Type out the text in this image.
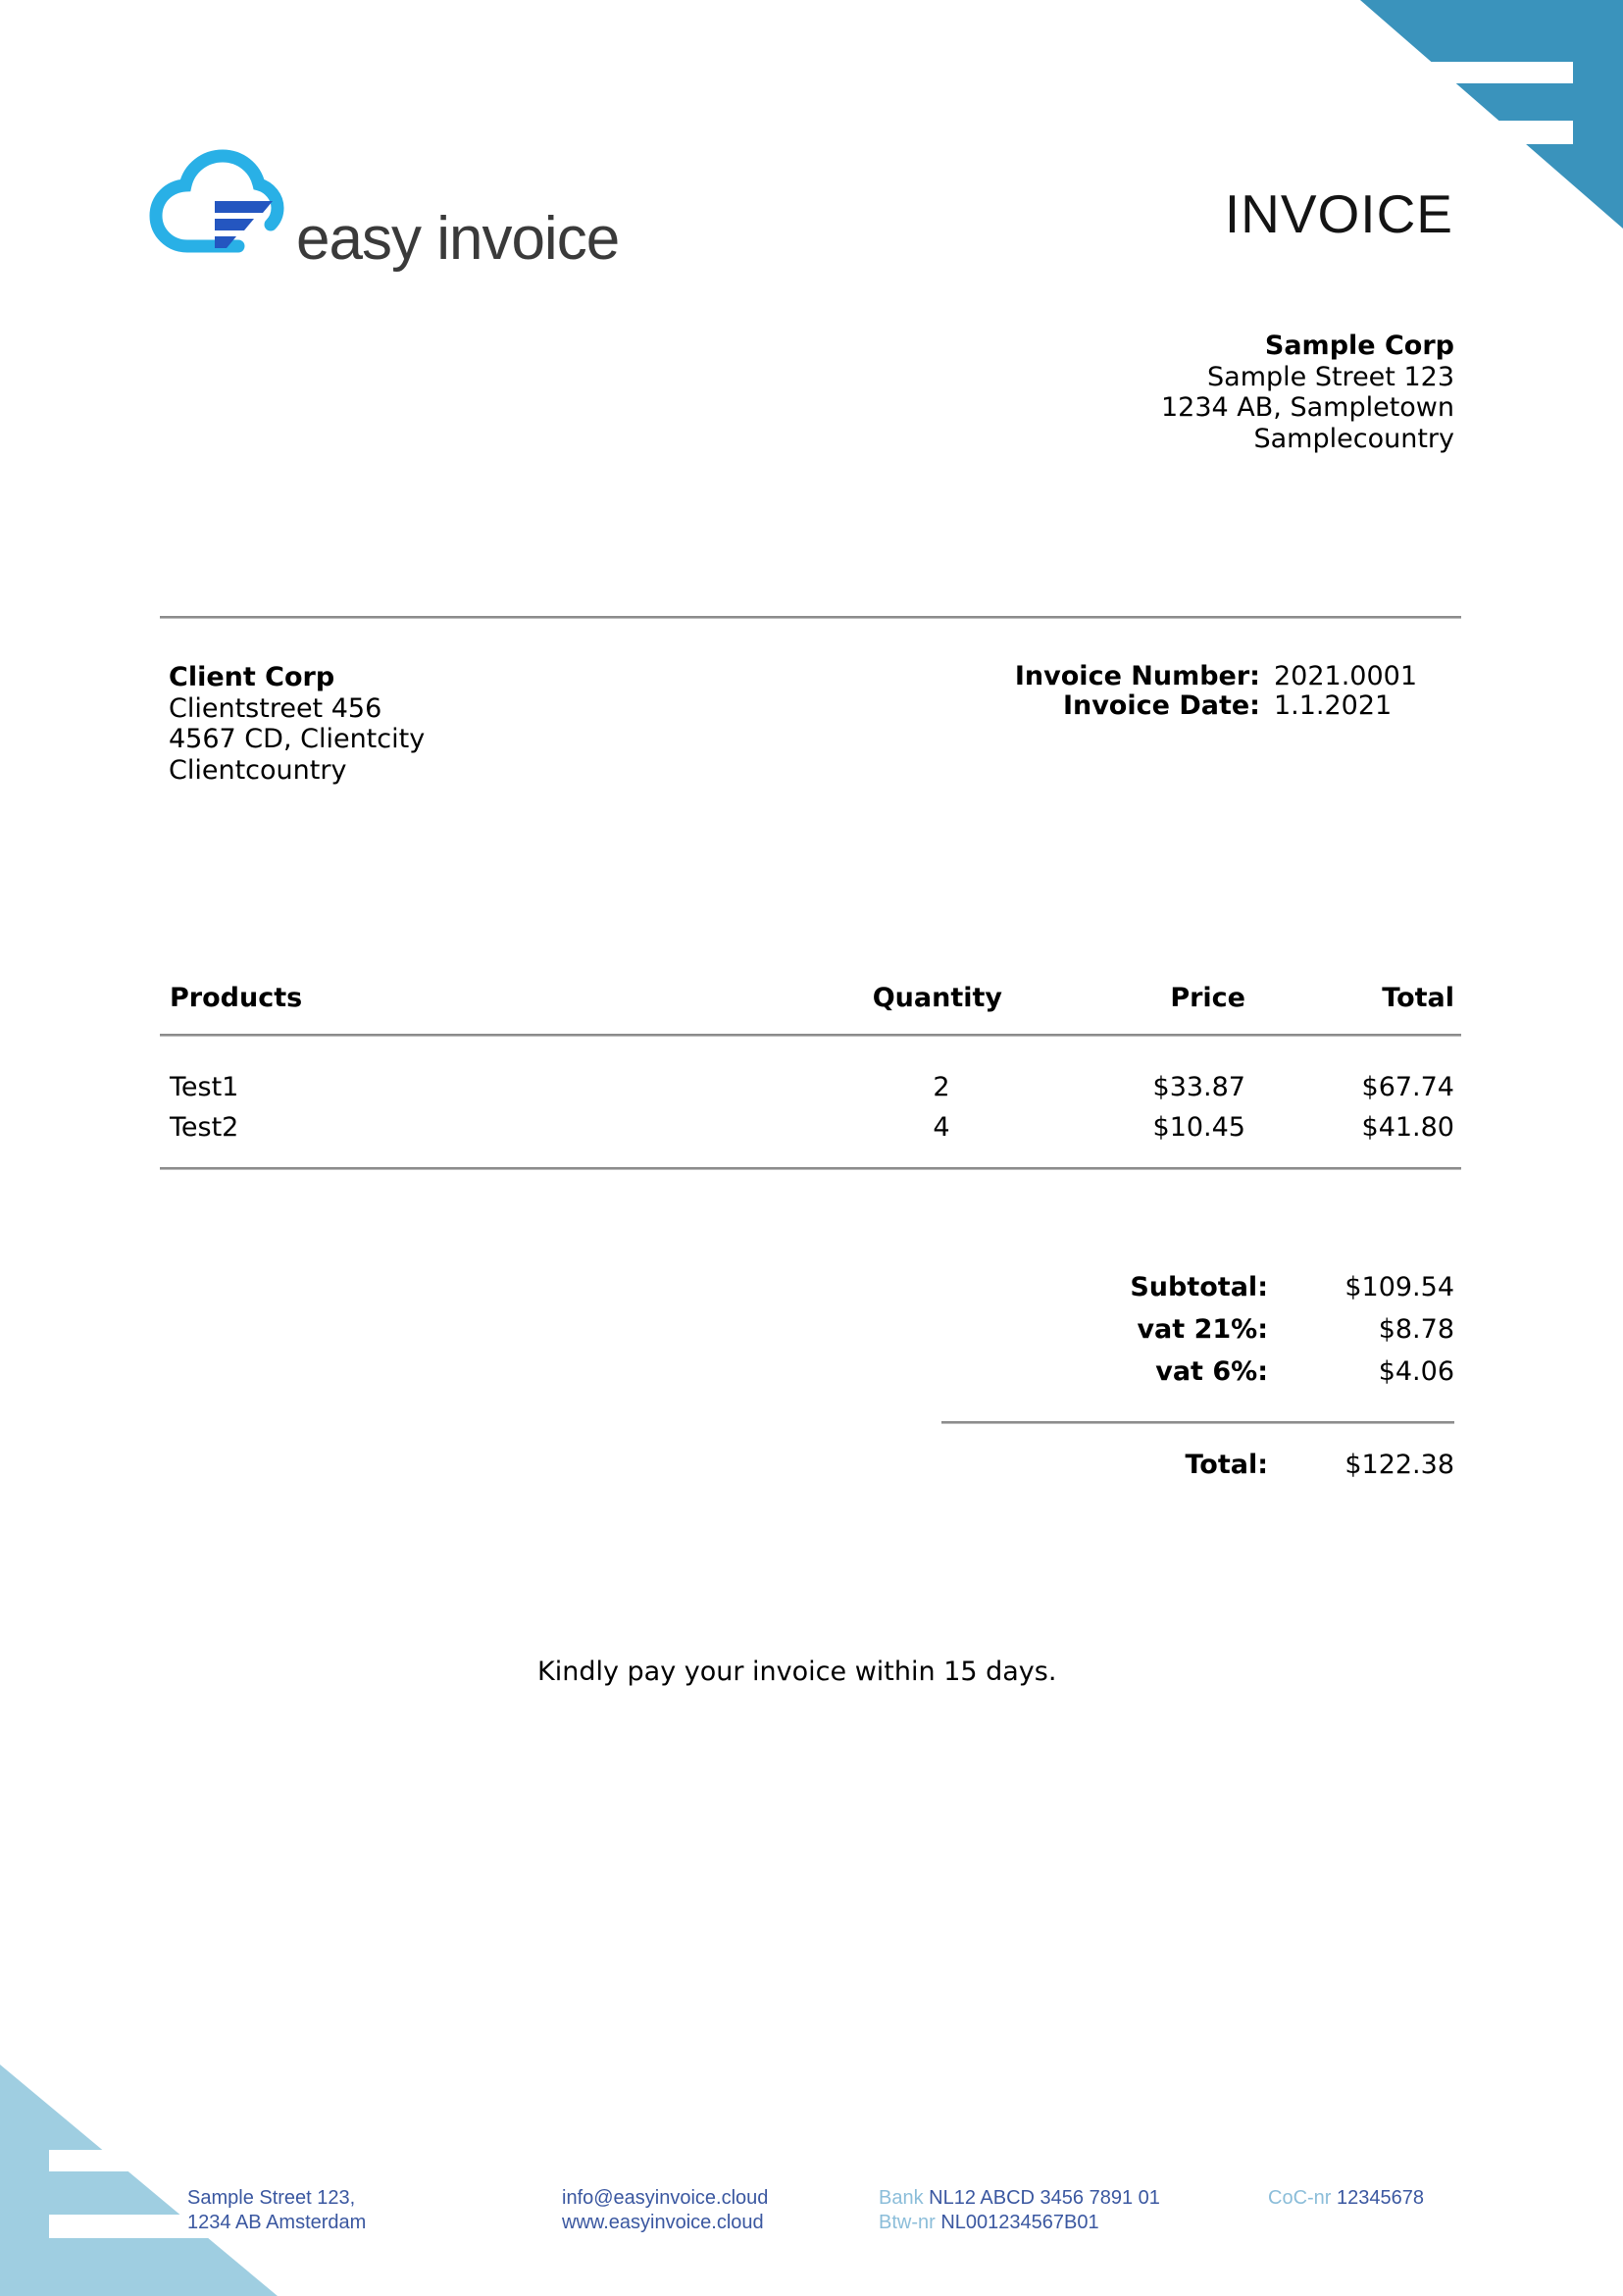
easy invoice	INVOICE
Sample Corp
Sample Street 123
1234 AB, Sampletown
Samplecountry
Client Corp
Clientstreet 456
4567 CD, Clientcity
Clientcountry
Invoice Number: 2021.0001
Invoice Date: 1.1.2021
Products	Quantity	Price	Total
Test1	2	$33.87	$67.74
Test2	4	$10.45	$41.80
Subtotal:	$109.54
vat 21%:	$8.78
vat 6%:	$4.06
Total:	$122.38
Kindly pay your invoice within 15 days.
Sample Street 123,
1234 AB Amsterdam
info@easyinvoice.cloud
www.easyinvoice.cloud
Bank NL12 ABCD 3456 7891 01
Btw-nr NL001234567B01
CoC-nr 12345678
